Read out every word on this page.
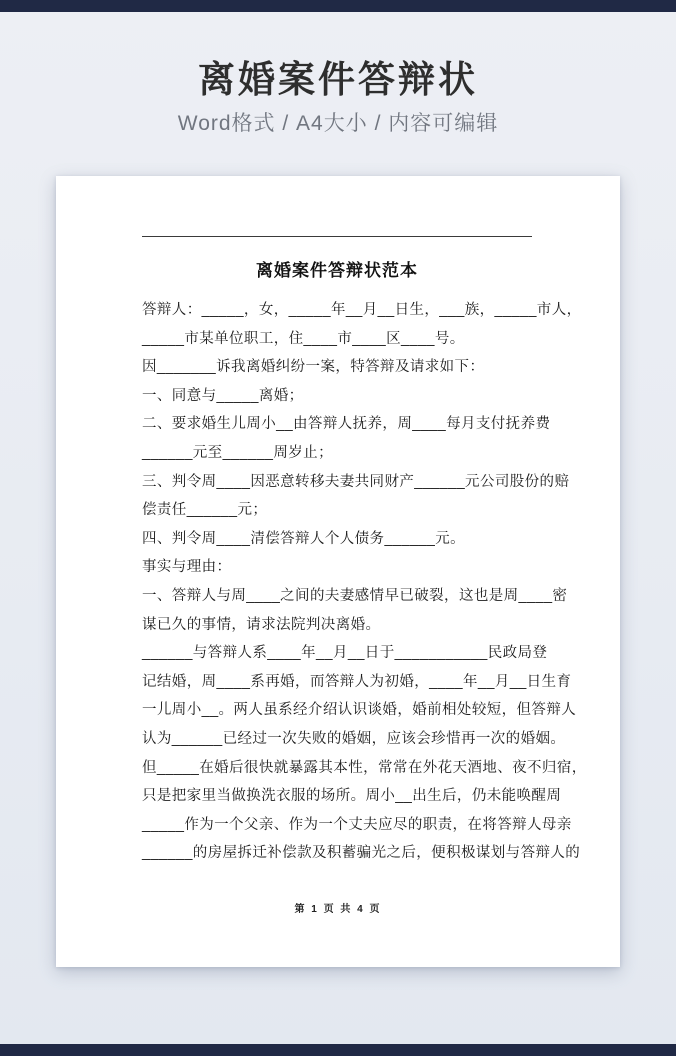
离婚案件答辩状
Word格式 / A4大小 / 内容可编辑
离婚案件答辩状范本
答辩人：_____，女，_____年__月__日生，___族，_____市人，
_____市某单位职工，住____市____区____号。
因_______诉我离婚纠纷一案，特答辩及请求如下：
一、同意与_____离婚；
二、要求婚生儿周小__由答辩人抚养，周____每月支付抚养费
______元至______周岁止；
三、判令周____因恶意转移夫妻共同财产______元公司股份的赔
偿责任______元；
四、判令周____清偿答辩人个人债务______元。
事实与理由：
一、答辩人与周____之间的夫妻感情早已破裂，这也是周____密
谋已久的事情，请求法院判决离婚。
______与答辩人系____年__月__日于___________民政局登
记结婚，周____系再婚，而答辩人为初婚，____年__月__日生育
一儿周小__。两人虽系经介绍认识谈婚，婚前相处较短，但答辩人
认为______已经过一次失败的婚姻，应该会珍惜再一次的婚姻。
但_____在婚后很快就暴露其本性，常常在外花天酒地、夜不归宿，
只是把家里当做换洗衣服的场所。周小__出生后，仍未能唤醒周
_____作为一个父亲、作为一个丈夫应尽的职责，在将答辩人母亲
______的房屋拆迁补偿款及积蓄骗光之后，便积极谋划与答辩人的
第 1 页 共 4 页
